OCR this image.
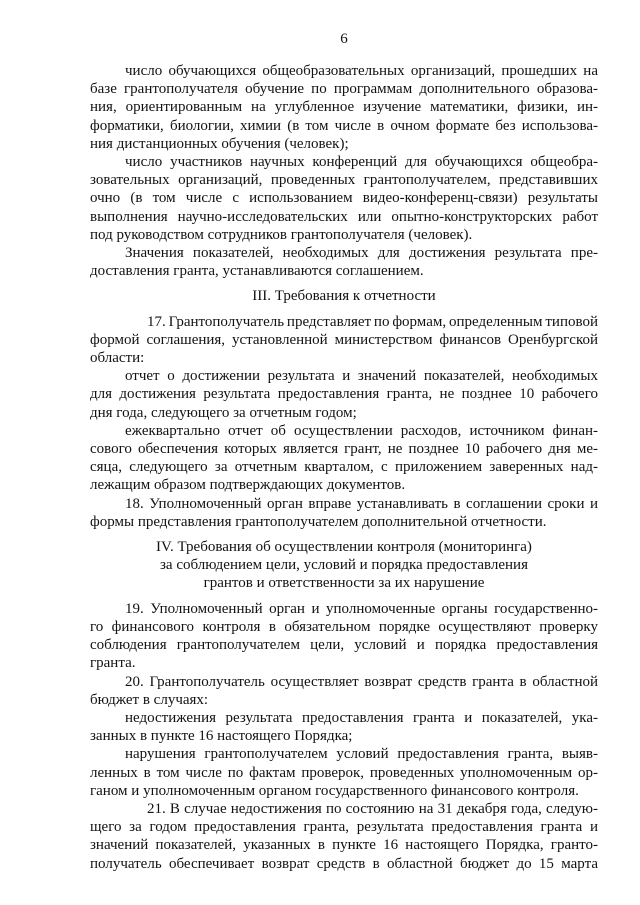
6
число обучающихся общеобразовательных организаций, прошедших на
базе грантополучателя обучение по программам дополнительного образова-
ния, ориентированным на углубленное изучение математики, физики, ин-
форматики, биологии, химии (в том числе в очном формате без использова-
ния дистанционных обучения (человек);
число участников научных конференций для обучающихся общеобра-
зовательных организаций, проведенных грантополучателем, представивших
очно (в том числе с использованием видео-конференц-связи) результаты
выполнения научно-исследовательских или опытно-конструкторских работ
под руководством сотрудников грантополучателя (человек).
Значения показателей, необходимых для достижения результата пре-
доставления гранта, устанавливаются соглашением.
III. Требования к отчетности
17. Грантополучатель представляет по формам, определенным типовой
формой соглашения, установленной министерством финансов Оренбургской
области:
отчет о достижении результата и значений показателей, необходимых
для достижения результата предоставления гранта, не позднее 10 рабочего
дня года, следующего за отчетным годом;
ежеквартально отчет об осуществлении расходов, источником финан-
сового обеспечения которых является грант, не позднее 10 рабочего дня ме-
сяца, следующего за отчетным кварталом, с приложением заверенных над-
лежащим образом подтверждающих документов.
18. Уполномоченный орган вправе устанавливать в соглашении сроки и
формы представления грантополучателем дополнительной отчетности.
IV. Требования об осуществлении контроля (мониторинга)
за соблюдением цели, условий и порядка предоставления
грантов и ответственности за их нарушение
19. Уполномоченный орган и уполномоченные органы государственно-
го финансового контроля в обязательном порядке осуществляют проверку
соблюдения грантополучателем цели, условий и порядка предоставления
гранта.
20. Грантополучатель осуществляет возврат средств гранта в областной
бюджет в случаях:
недостижения результата предоставления гранта и показателей, ука-
занных в пункте 16 настоящего Порядка;
нарушения грантополучателем условий предоставления гранта, выяв-
ленных в том числе по фактам проверок, проведенных уполномоченным ор-
ганом и уполномоченным органом государственного финансового контроля.
21. В случае недостижения по состоянию на 31 декабря года, следую-
щего за годом предоставления гранта, результата предоставления гранта и
значений показателей, указанных в пункте 16 настоящего Порядка, гранто-
получатель обеспечивает возврат средств в областной бюджет до 15 марта
